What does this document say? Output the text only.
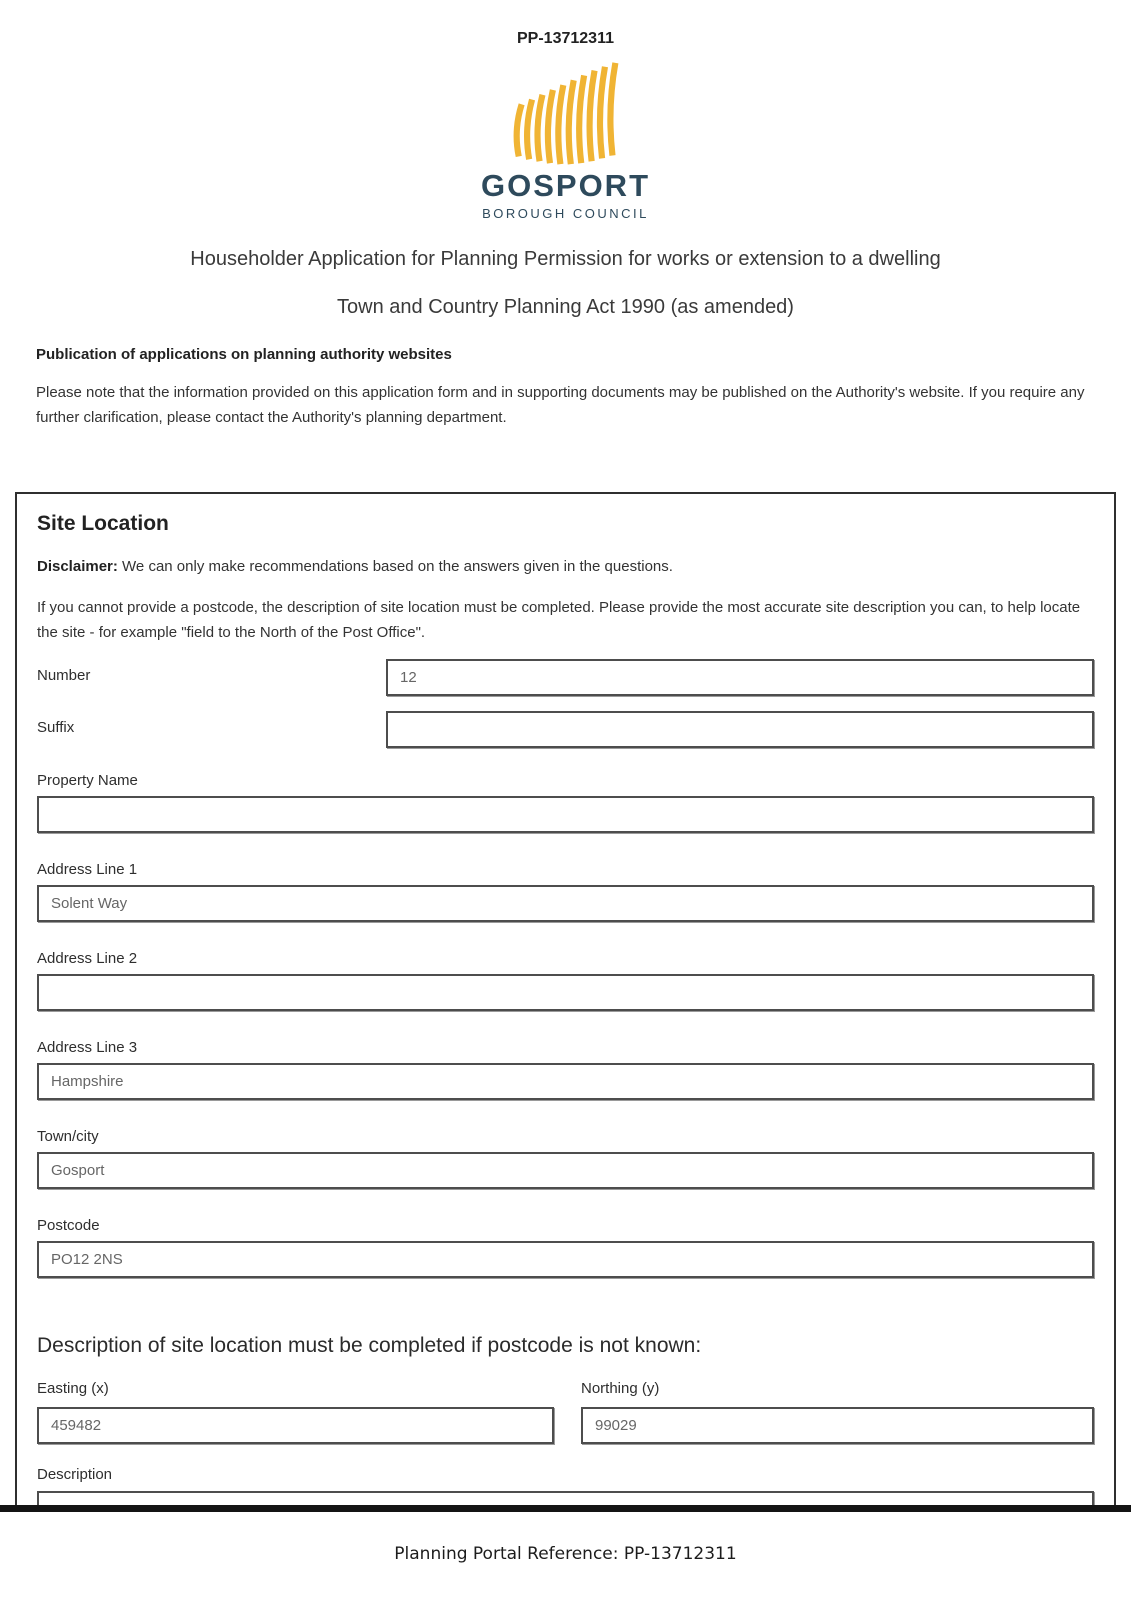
PP-13712311
GOSPORT
BOROUGH COUNCIL
Householder Application for Planning Permission for works or extension to a dwelling
Town and Country Planning Act 1990 (as amended)
Publication of applications on planning authority websites

Please note that the information provided on this application form and in supporting documents may be published on the Authority's website. If you require any further clarification, please contact the Authority's planning department.

Site Location

Disclaimer: We can only make recommendations based on the answers given in the questions.

If you cannot provide a postcode, the description of site location must be completed. Please provide the most accurate site description you can, to help locate the site - for example "field to the North of the Post Office".

Number
12
Suffix
Property Name
Address Line 1
Solent Way
Address Line 2
Address Line 3
Hampshire
Town/city
Gosport
Postcode
PO12 2NS
Description of site location must be completed if postcode is not known:
Easting (x)
459482	Northing (y)
99029
Description
Planning Portal Reference: PP-13712311
